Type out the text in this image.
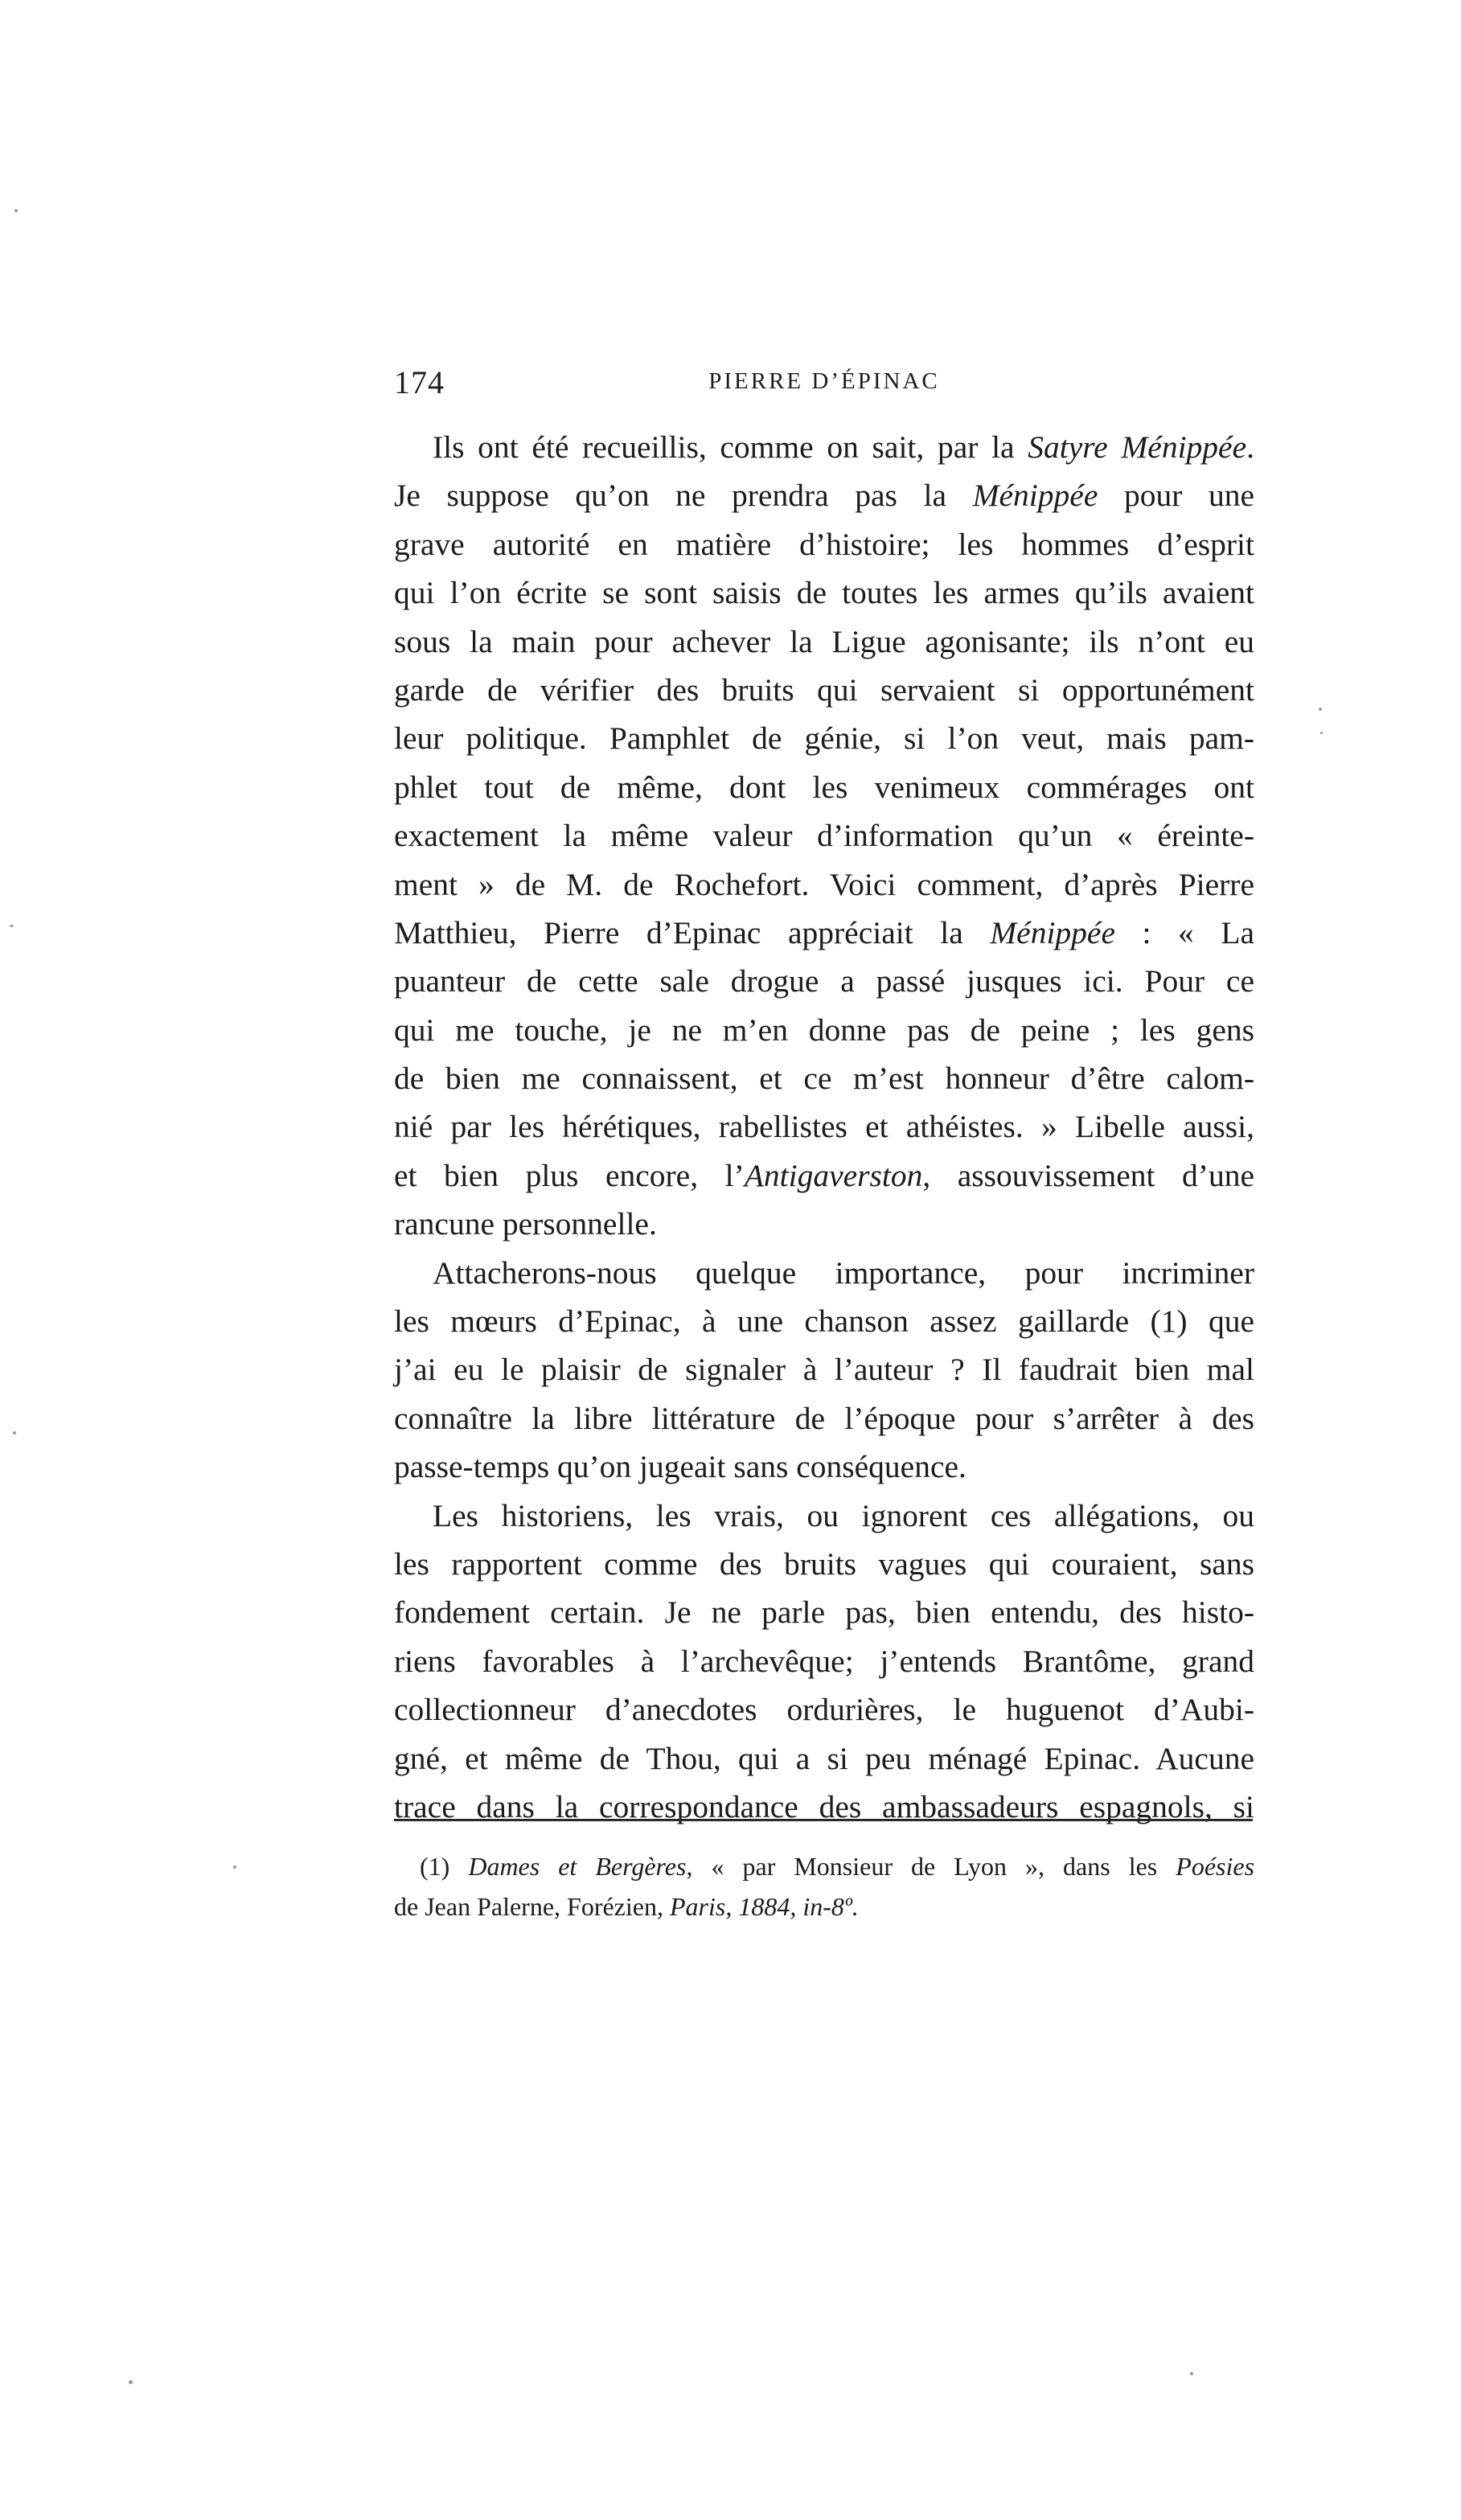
174	PIERRE D’ÉPINAC
Ils ont été recueillis, comme on sait, par la Satyre Ménippée.
Je suppose qu’on ne prendra pas la Ménippée pour une
grave autorité en matière d’histoire; les hommes d’esprit
qui l’on écrite se sont saisis de toutes les armes qu’ils avaient
sous la main pour achever la Ligue agonisante; ils n’ont eu
garde de vérifier des bruits qui servaient si opportunément
leur politique. Pamphlet de génie, si l’on veut, mais pam-
phlet tout de même, dont les venimeux commérages ont
exactement la même valeur d’information qu’un « éreinte-
ment » de M. de Rochefort. Voici comment, d’après Pierre
Matthieu, Pierre d’Epinac appréciait la Ménippée : « La
puanteur de cette sale drogue a passé jusques ici. Pour ce
qui me touche, je ne m’en donne pas de peine ; les gens
de bien me connaissent, et ce m’est honneur d’être calom-
nié par les hérétiques, rabellistes et athéistes. » Libelle aussi,
et bien plus encore, l’Antigaverston, assouvissement d’une
rancune personnelle.
Attacherons-nous quelque importance, pour incriminer
les mœurs d’Epinac, à une chanson assez gaillarde (1) que
j’ai eu le plaisir de signaler à l’auteur ? Il faudrait bien mal
connaître la libre littérature de l’époque pour s’arrêter à des
passe-temps qu’on jugeait sans conséquence.
Les historiens, les vrais, ou ignorent ces allégations, ou
les rapportent comme des bruits vagues qui couraient, sans
fondement certain. Je ne parle pas, bien entendu, des histo-
riens favorables à l’archevêque; j’entends Brantôme, grand
collectionneur d’anecdotes ordurières, le huguenot d’Aubi-
gné, et même de Thou, qui a si peu ménagé Epinac. Aucune
trace dans la correspondance des ambassadeurs espagnols, si
(1) Dames et Bergères, « par Monsieur de Lyon », dans les Poésies
de Jean Palerne, Forézien, Paris, 1884, in-8º.
